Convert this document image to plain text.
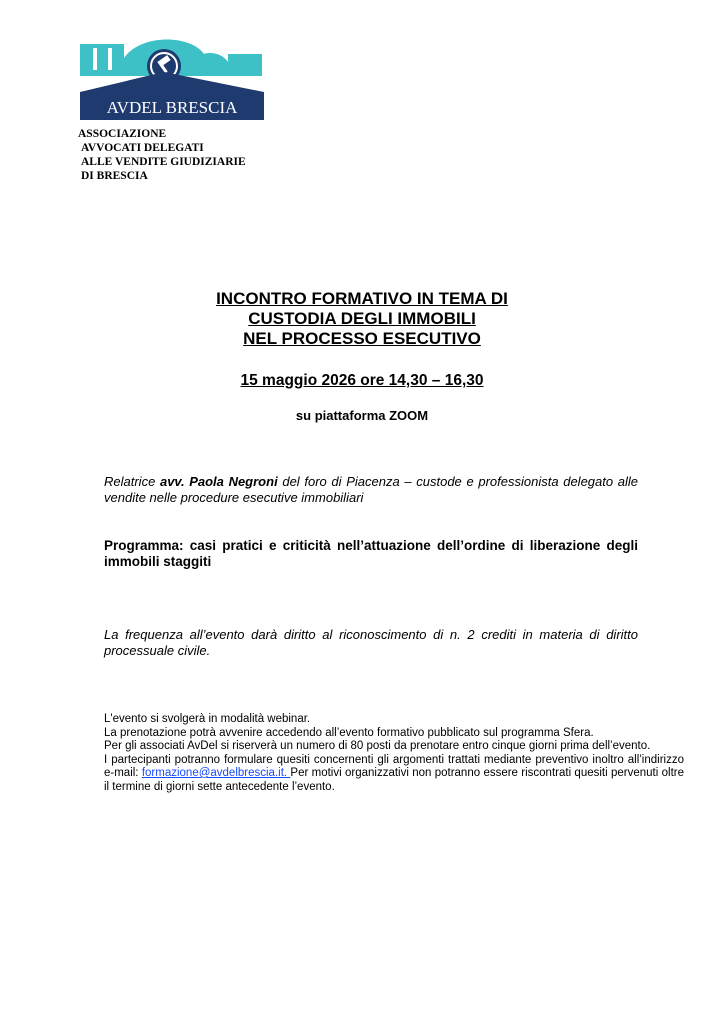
AVDEL BRESCIA
ASSOCIAZIONE
AVVOCATI DELEGATI
ALLE VENDITE GIUDIZIARIE
DI BRESCIA
INCONTRO FORMATIVO IN TEMA DI
CUSTODIA DEGLI IMMOBILI
NEL PROCESSO ESECUTIVO
15 maggio 2026 ore 14,30 – 16,30
su piattaforma ZOOM
Relatrice avv. Paola Negroni del foro di Piacenza – custode e professionista delegato alle vendite nelle procedure esecutive immobiliari
Programma: casi pratici e criticità nell’attuazione dell’ordine di liberazione degli immobili staggiti
La frequenza all’evento darà diritto al riconoscimento di n. 2 crediti in materia di diritto processuale civile.
L'evento si svolgerà in modalità webinar.
La prenotazione potrà avvenire accedendo all’evento formativo pubblicato sul programma Sfera.
Per gli associati AvDel si riserverà un numero di 80 posti da prenotare entro cinque giorni prima dell’evento.
I partecipanti potranno formulare quesiti concernenti gli argomenti trattati mediante preventivo inoltro all’indirizzo e-mail: formazione@avdelbrescia.it. Per motivi organizzativi non potranno essere riscontrati quesiti pervenuti oltre il termine di giorni sette antecedente l’evento.
